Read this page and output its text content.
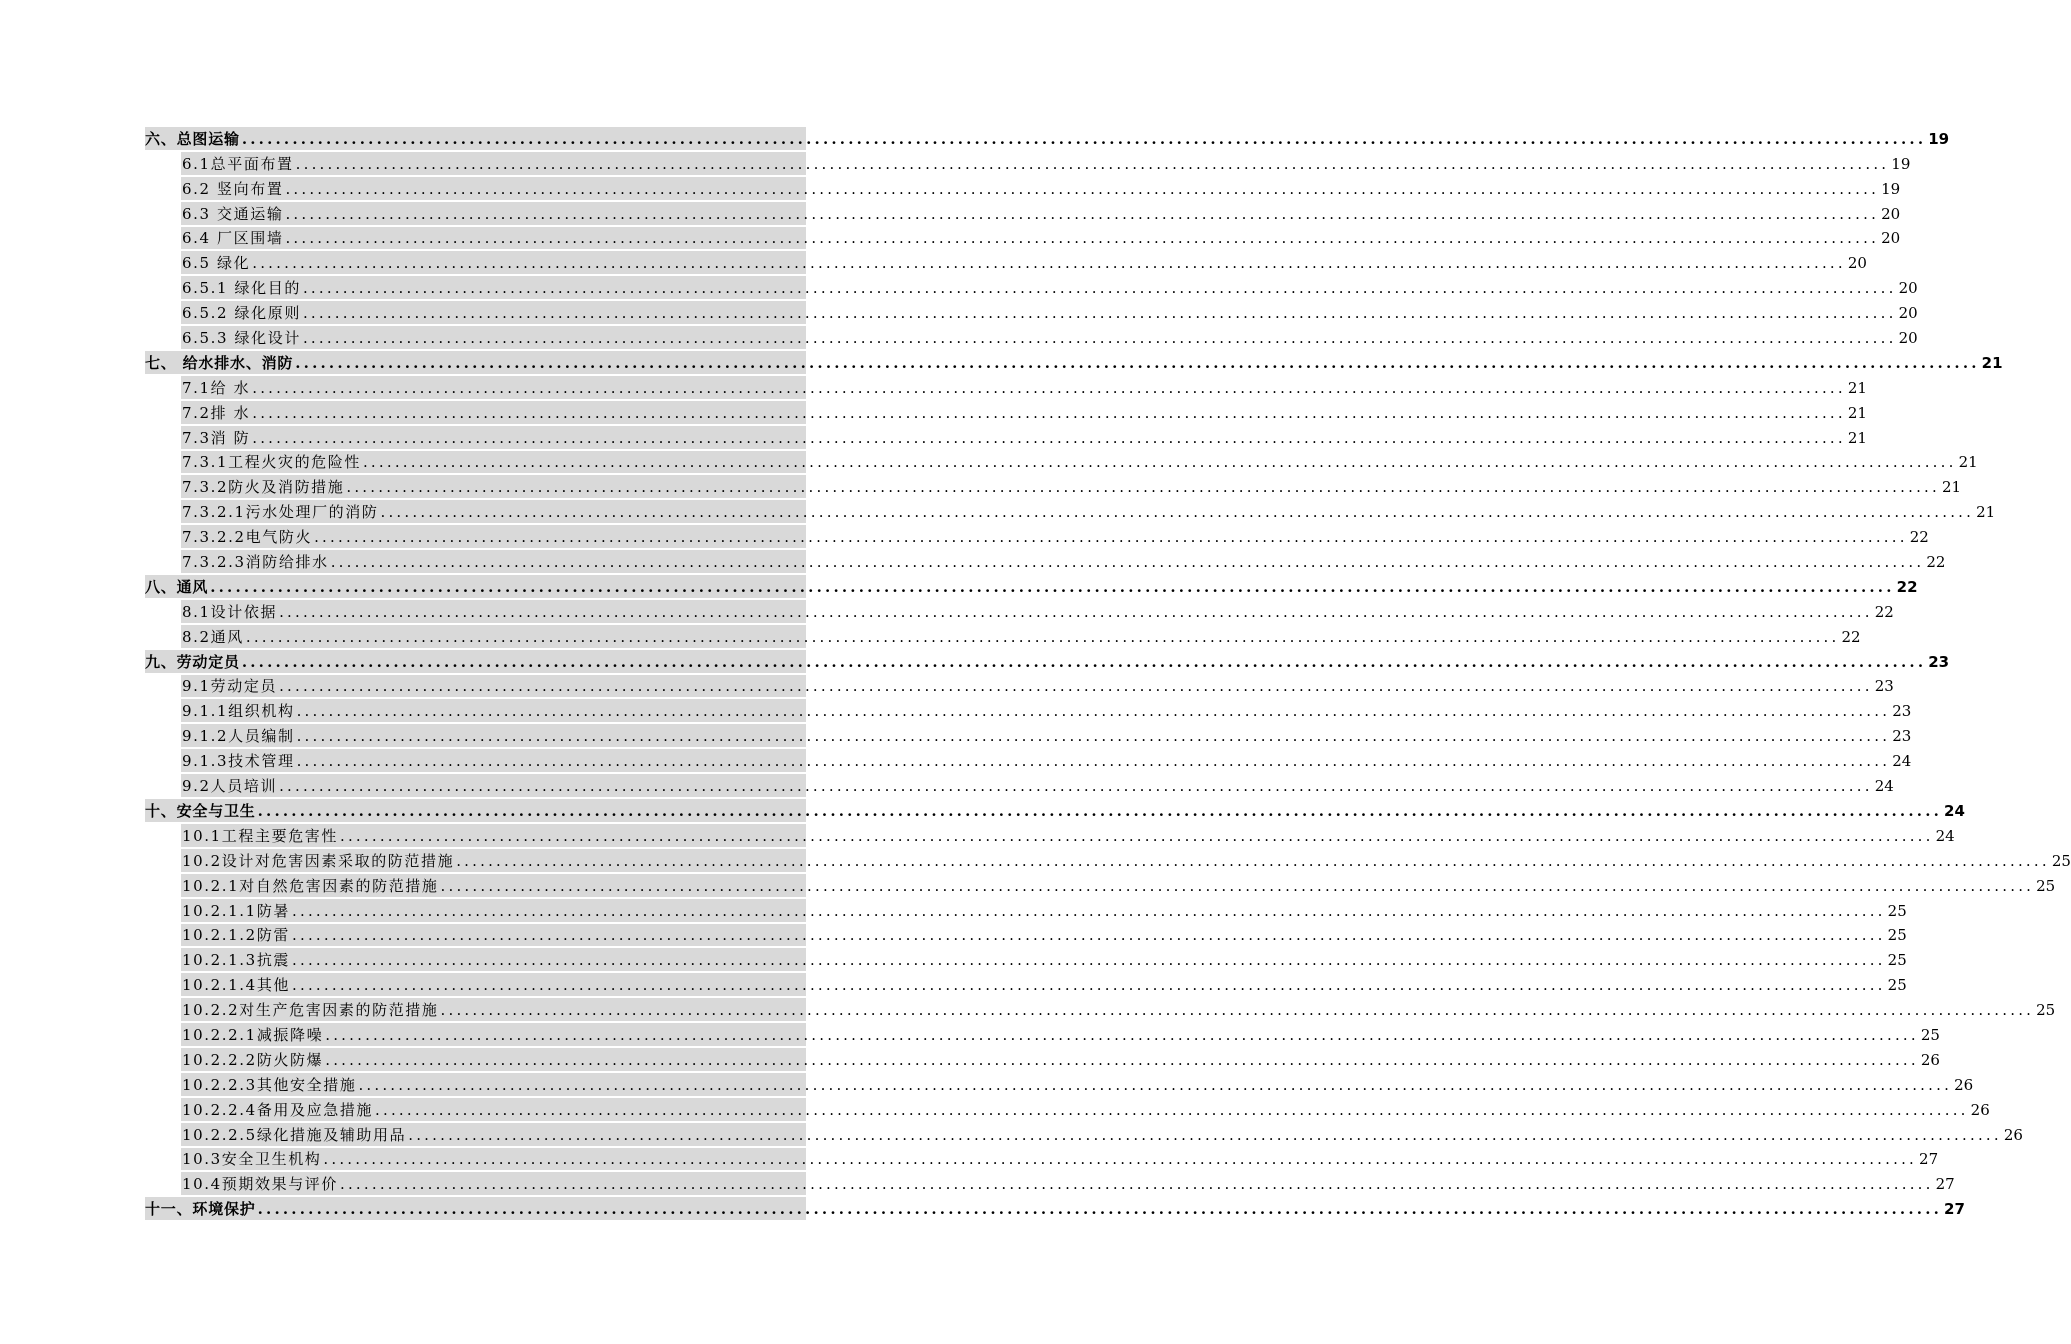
六、总图运输 ........................................................................................................................................................................................................ 19
6.1总平面布置 ........................................................................................................................................................................................................ 19
6.2 竖向布置 ........................................................................................................................................................................................................ 19
6.3 交通运输 ........................................................................................................................................................................................................ 20
6.4 厂区围墙 ........................................................................................................................................................................................................ 20
6.5 绿化 ........................................................................................................................................................................................................ 20
6.5.1 绿化目的 ........................................................................................................................................................................................................ 20
6.5.2 绿化原则 ........................................................................................................................................................................................................ 20
6.5.3 绿化设计 ........................................................................................................................................................................................................ 20
七、 给水排水、消防 ........................................................................................................................................................................................................ 21
7.1给 水 ........................................................................................................................................................................................................ 21
7.2排 水 ........................................................................................................................................................................................................ 21
7.3消 防 ........................................................................................................................................................................................................ 21
7.3.1工程火灾的危险性 ........................................................................................................................................................................................................ 21
7.3.2防火及消防措施 ........................................................................................................................................................................................................ 21
7.3.2.1污水处理厂的消防 ........................................................................................................................................................................................................ 21
7.3.2.2电气防火 ........................................................................................................................................................................................................ 22
7.3.2.3消防给排水 ........................................................................................................................................................................................................ 22
八、通风 ........................................................................................................................................................................................................ 22
8.1设计依据 ........................................................................................................................................................................................................ 22
8.2通风 ........................................................................................................................................................................................................ 22
九、劳动定员 ........................................................................................................................................................................................................ 23
9.1劳动定员 ........................................................................................................................................................................................................ 23
9.1.1组织机构 ........................................................................................................................................................................................................ 23
9.1.2人员编制 ........................................................................................................................................................................................................ 23
9.1.3技术管理 ........................................................................................................................................................................................................ 24
9.2人员培训 ........................................................................................................................................................................................................ 24
十、安全与卫生 ........................................................................................................................................................................................................ 24
10.1工程主要危害性 ........................................................................................................................................................................................................ 24
10.2设计对危害因素采取的防范措施 ........................................................................................................................................................................................................ 25
10.2.1对自然危害因素的防范措施 ........................................................................................................................................................................................................ 25
10.2.1.1防暑 ........................................................................................................................................................................................................ 25
10.2.1.2防雷 ........................................................................................................................................................................................................ 25
10.2.1.3抗震 ........................................................................................................................................................................................................ 25
10.2.1.4其他 ........................................................................................................................................................................................................ 25
10.2.2对生产危害因素的防范措施 ........................................................................................................................................................................................................ 25
10.2.2.1减振降噪 ........................................................................................................................................................................................................ 25
10.2.2.2防火防爆 ........................................................................................................................................................................................................ 26
10.2.2.3其他安全措施 ........................................................................................................................................................................................................ 26
10.2.2.4备用及应急措施 ........................................................................................................................................................................................................ 26
10.2.2.5绿化措施及辅助用品 ........................................................................................................................................................................................................ 26
10.3安全卫生机构 ........................................................................................................................................................................................................ 27
10.4预期效果与评价 ........................................................................................................................................................................................................ 27
十一、环境保护 ........................................................................................................................................................................................................ 27
